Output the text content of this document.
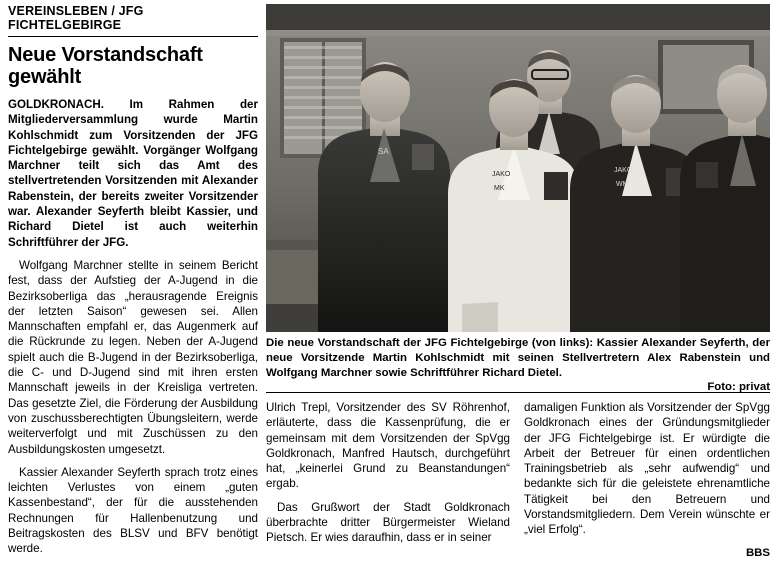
VEREINSLEBEN / JFG FICHTELGEBIRGE
Neue Vorstandschaft gewählt

GOLDKRONACH. Im Rahmen der Mitgliederversammlung wurde Martin Kohlschmidt zum Vorsitzenden der JFG Fichtelgebirge gewählt. Vorgänger Wolfgang Marchner teilt sich das Amt des stellvertretenden Vorsitzenden mit Alexander Rabenstein, der bereits zweiter Vorsitzender war. Alexander Seyferth bleibt Kassier, und Richard Dietel ist auch weiterhin Schriftführer der JFG.

Wolfgang Marchner stellte in seinem Bericht fest, dass der Aufstieg der A-Jugend in die Bezirksoberliga das „herausragende Ereignis der letzten Saison“ gewesen sei. Allen Mannschaften empfahl er, das Augenmerk auf die Rückrunde zu legen. Neben der A-Jugend spielt auch die B-Jugend in der Bezirksoberliga, die C- und D-Jugend sind mit ihren ersten Mannschaft jeweils in der Kreisliga vertreten. Das gesetzte Ziel, die Förderung der Ausbildung von zuschussberechtigten Übungsleitern, werde weiterverfolgt und mit Zuschüssen zu den Ausbildungskosten umgesetzt.

Kassier Alexander Seyferth sprach trotz eines leichten Verlustes von einem „guten Kassenbestand“, der für die ausstehenden Rechnungen für Hallenbenutzung und Beitragskosten des BLSV und BFV benötigt werde.

SA
JAKO
MK
JAKO
WM
Die neue Vorstandschaft der JFG Fichtelgebirge (von links): Kassier Alexander Seyferth, der neue Vorsitzende Martin Kohlschmidt mit seinen Stellvertretern Alex Rabenstein und Wolfgang Marchner sowie Schriftführer Richard Dietel.
Foto: privat

Ulrich Trepl, Vorsitzender des SV Röhrenhof, erläuterte, dass die Kassenprüfung, die er gemeinsam mit dem Vorsitzenden der SpVgg Goldkronach, Manfred Hautsch, durchgeführt hat, „keinerlei Grund zu Beanstandungen“ ergab.

Das Grußwort der Stadt Goldkronach überbrachte dritter Bürgermeister Wieland Pietsch. Er wies daraufhin, dass er in seiner

damaligen Funktion als Vorsitzender der SpVgg Goldkronach eines der Gründungsmitglieder der JFG Fichtelgebirge ist. Er würdigte die Arbeit der Betreuer für einen ordentlichen Trainingsbetrieb als „sehr aufwendig“ und bedankte sich für die geleistete ehrenamtliche Tätigkeit bei den Betreuern und Vorstandsmitgliedern. Dem Verein wünschte er „viel Erfolg“.

BBS
